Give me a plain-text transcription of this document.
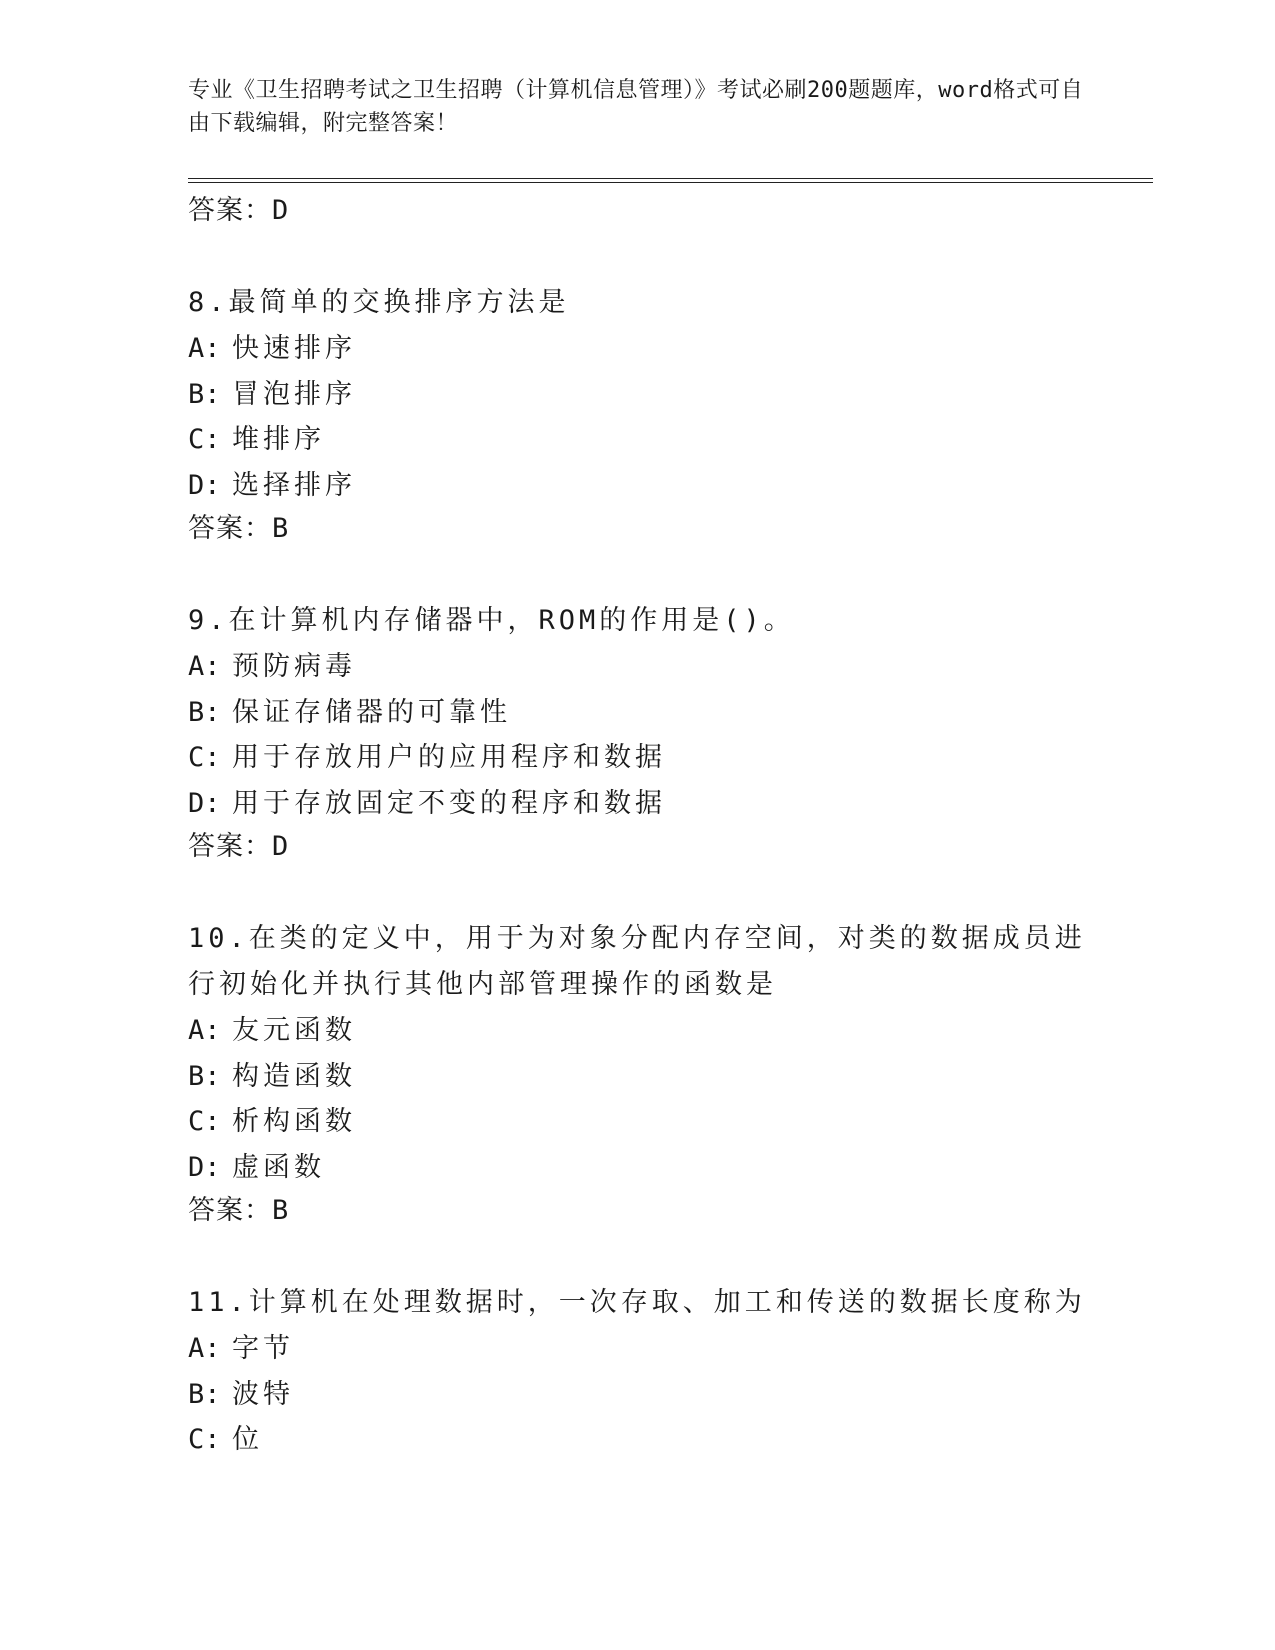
专业《卫生招聘考试之卫生招聘（计算机信息管理）》考试必刷200题题库，word格式可自由下载编辑，附完整答案！
答案：D
8.最简单的交换排序方法是
A: 快速排序
B: 冒泡排序
C: 堆排序
D: 选择排序
答案：B
9.在计算机内存储器中，ROM的作用是()。
A: 预防病毒
B: 保证存储器的可靠性
C: 用于存放用户的应用程序和数据
D: 用于存放固定不变的程序和数据
答案：D
10.在类的定义中，用于为对象分配内存空间，对类的数据成员进行初始化并执行其他内部管理操作的函数是
A: 友元函数
B: 构造函数
C: 析构函数
D: 虚函数
答案：B
11.计算机在处理数据时，一次存取、加工和传送的数据长度称为
A: 字节
B: 波特
C: 位
